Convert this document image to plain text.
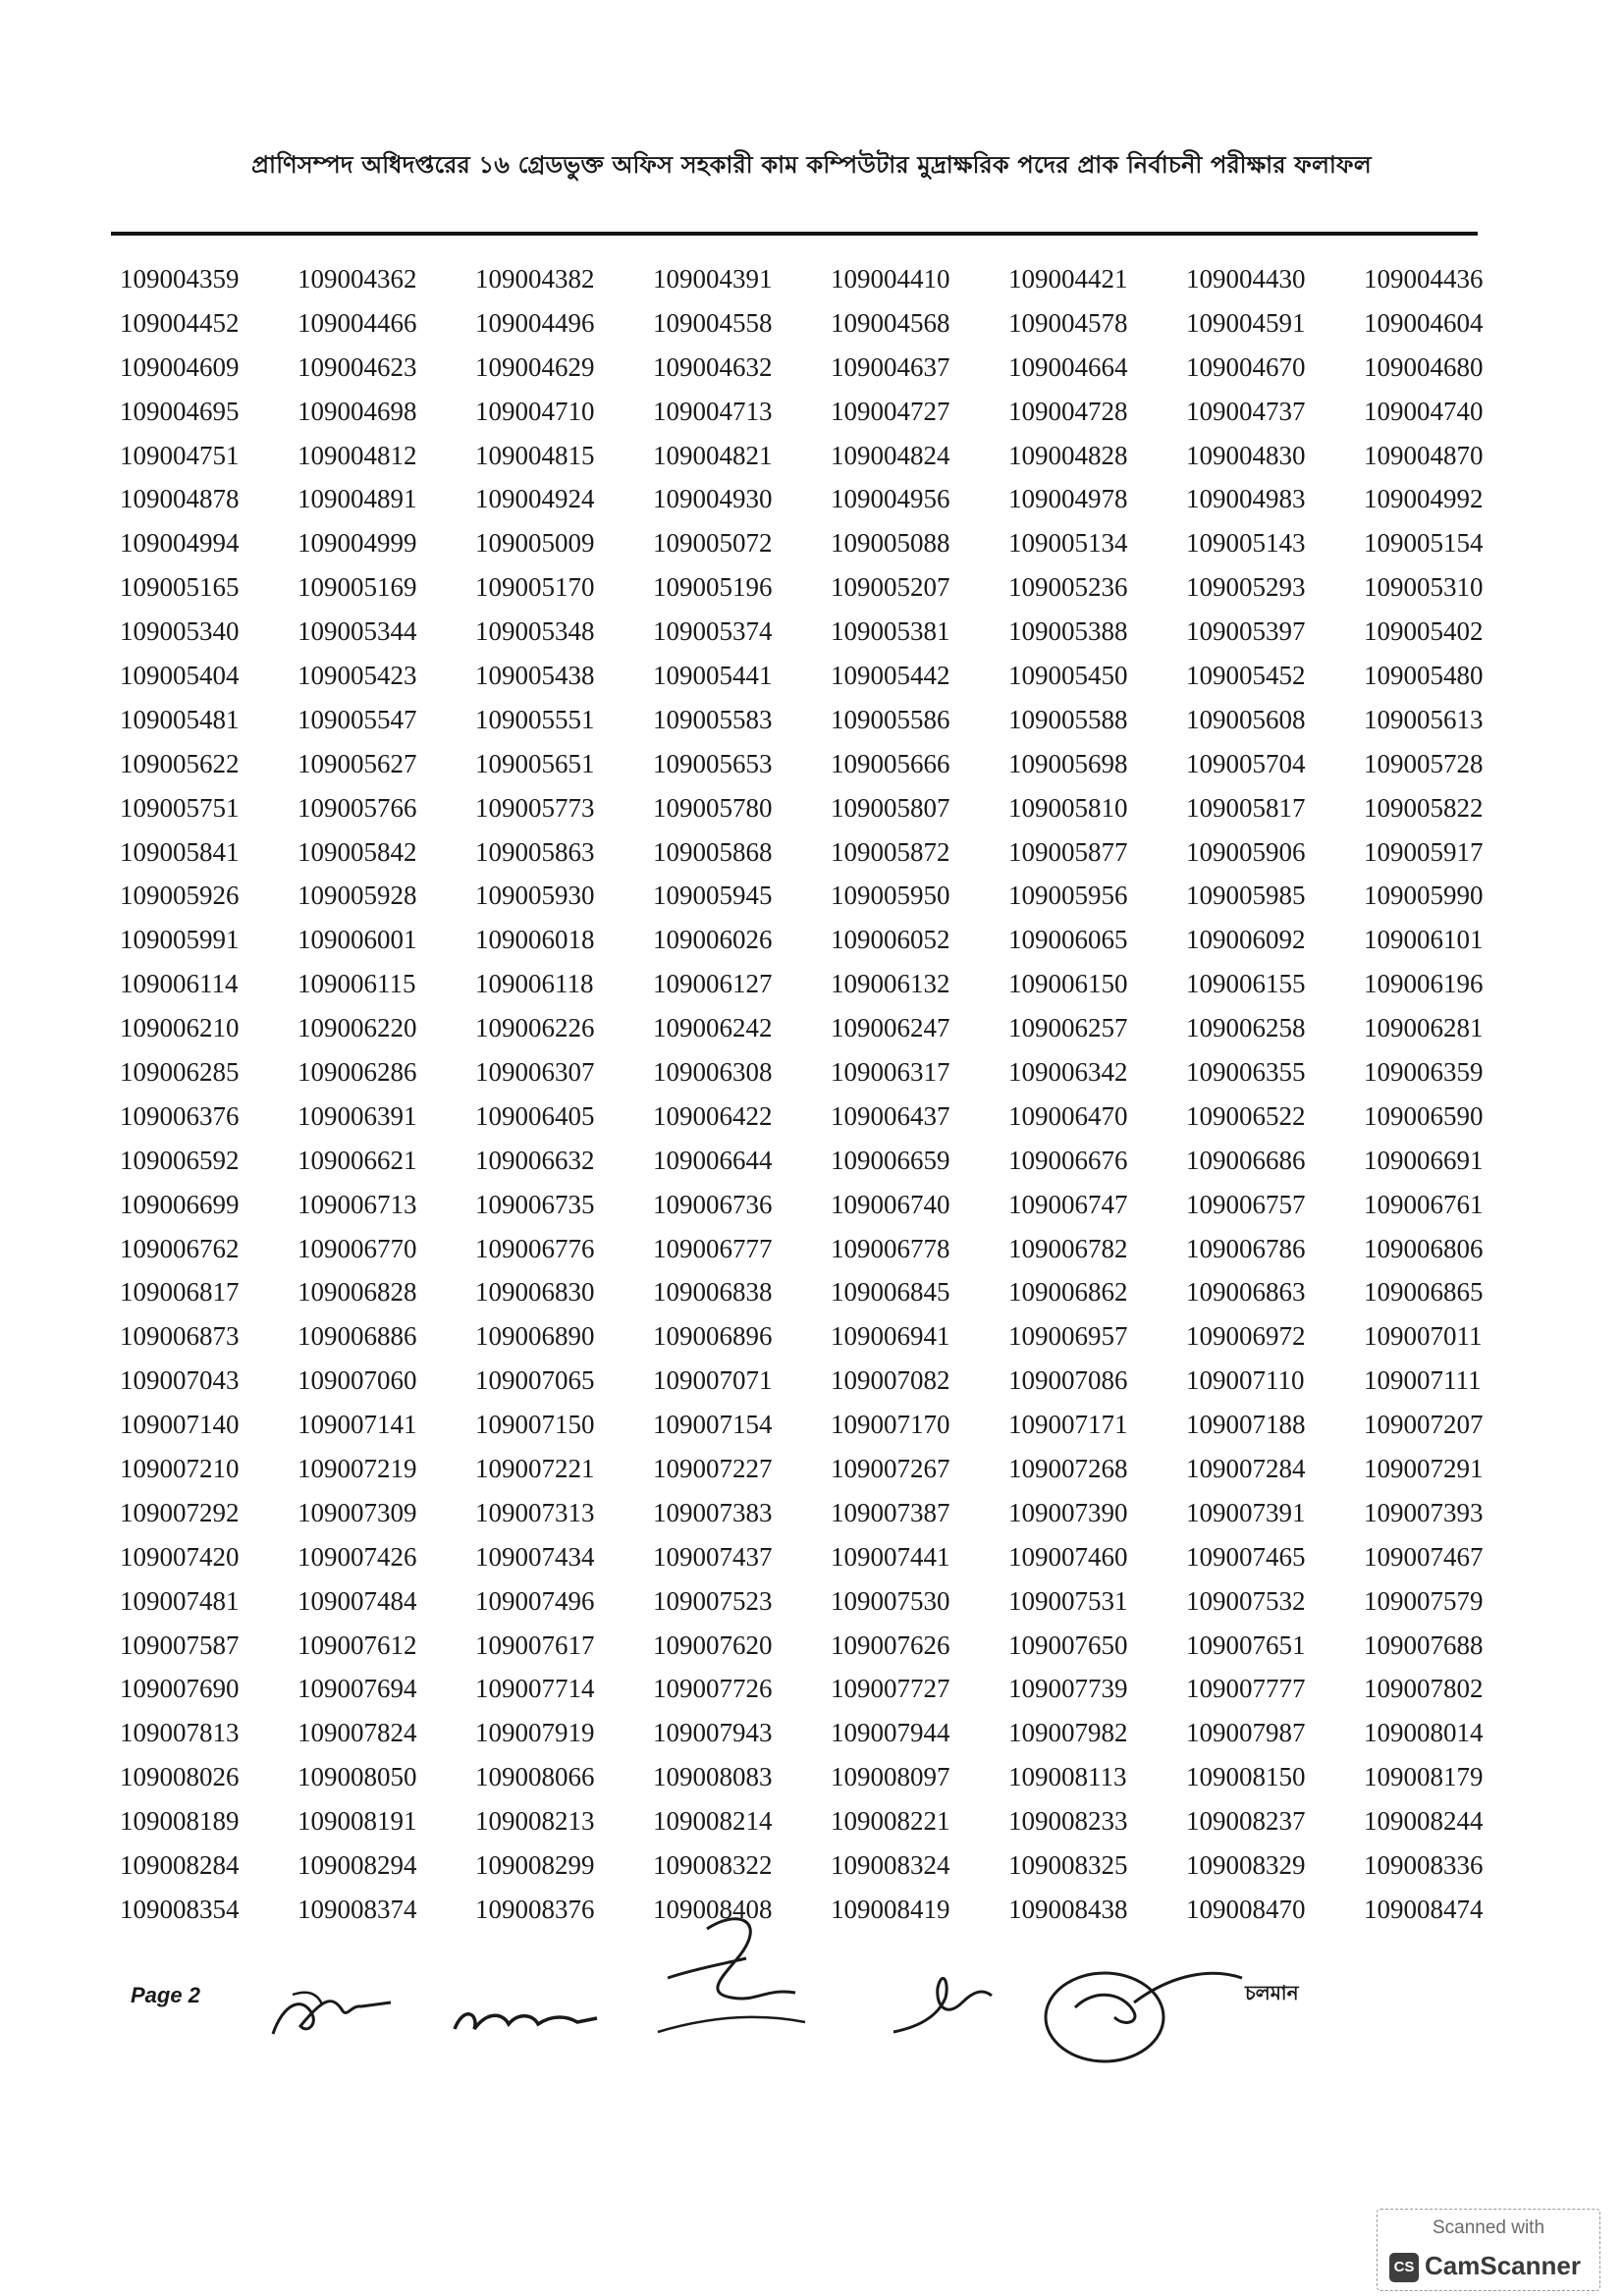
প্রাণিসম্পদ অধিদপ্তরের ১৬ গ্রেডভুক্ত অফিস সহকারী কাম কম্পিউটার মুদ্রাক্ষরিক পদের প্রাক নির্বাচনী পরীক্ষার ফলাফল
109004359	109004362	109004382	109004391	109004410	109004421	109004430	109004436
109004452	109004466	109004496	109004558	109004568	109004578	109004591	109004604
109004609	109004623	109004629	109004632	109004637	109004664	109004670	109004680
109004695	109004698	109004710	109004713	109004727	109004728	109004737	109004740
109004751	109004812	109004815	109004821	109004824	109004828	109004830	109004870
109004878	109004891	109004924	109004930	109004956	109004978	109004983	109004992
109004994	109004999	109005009	109005072	109005088	109005134	109005143	109005154
109005165	109005169	109005170	109005196	109005207	109005236	109005293	109005310
109005340	109005344	109005348	109005374	109005381	109005388	109005397	109005402
109005404	109005423	109005438	109005441	109005442	109005450	109005452	109005480
109005481	109005547	109005551	109005583	109005586	109005588	109005608	109005613
109005622	109005627	109005651	109005653	109005666	109005698	109005704	109005728
109005751	109005766	109005773	109005780	109005807	109005810	109005817	109005822
109005841	109005842	109005863	109005868	109005872	109005877	109005906	109005917
109005926	109005928	109005930	109005945	109005950	109005956	109005985	109005990
109005991	109006001	109006018	109006026	109006052	109006065	109006092	109006101
109006114	109006115	109006118	109006127	109006132	109006150	109006155	109006196
109006210	109006220	109006226	109006242	109006247	109006257	109006258	109006281
109006285	109006286	109006307	109006308	109006317	109006342	109006355	109006359
109006376	109006391	109006405	109006422	109006437	109006470	109006522	109006590
109006592	109006621	109006632	109006644	109006659	109006676	109006686	109006691
109006699	109006713	109006735	109006736	109006740	109006747	109006757	109006761
109006762	109006770	109006776	109006777	109006778	109006782	109006786	109006806
109006817	109006828	109006830	109006838	109006845	109006862	109006863	109006865
109006873	109006886	109006890	109006896	109006941	109006957	109006972	109007011
109007043	109007060	109007065	109007071	109007082	109007086	109007110	109007111
109007140	109007141	109007150	109007154	109007170	109007171	109007188	109007207
109007210	109007219	109007221	109007227	109007267	109007268	109007284	109007291
109007292	109007309	109007313	109007383	109007387	109007390	109007391	109007393
109007420	109007426	109007434	109007437	109007441	109007460	109007465	109007467
109007481	109007484	109007496	109007523	109007530	109007531	109007532	109007579
109007587	109007612	109007617	109007620	109007626	109007650	109007651	109007688
109007690	109007694	109007714	109007726	109007727	109007739	109007777	109007802
109007813	109007824	109007919	109007943	109007944	109007982	109007987	109008014
109008026	109008050	109008066	109008083	109008097	109008113	109008150	109008179
109008189	109008191	109008213	109008214	109008221	109008233	109008237	109008244
109008284	109008294	109008299	109008322	109008324	109008325	109008329	109008336
109008354	109008374	109008376	109008408	109008419	109008438	109008470	109008474
Page 2	চলমান
Scanned with
CS CamScanner
